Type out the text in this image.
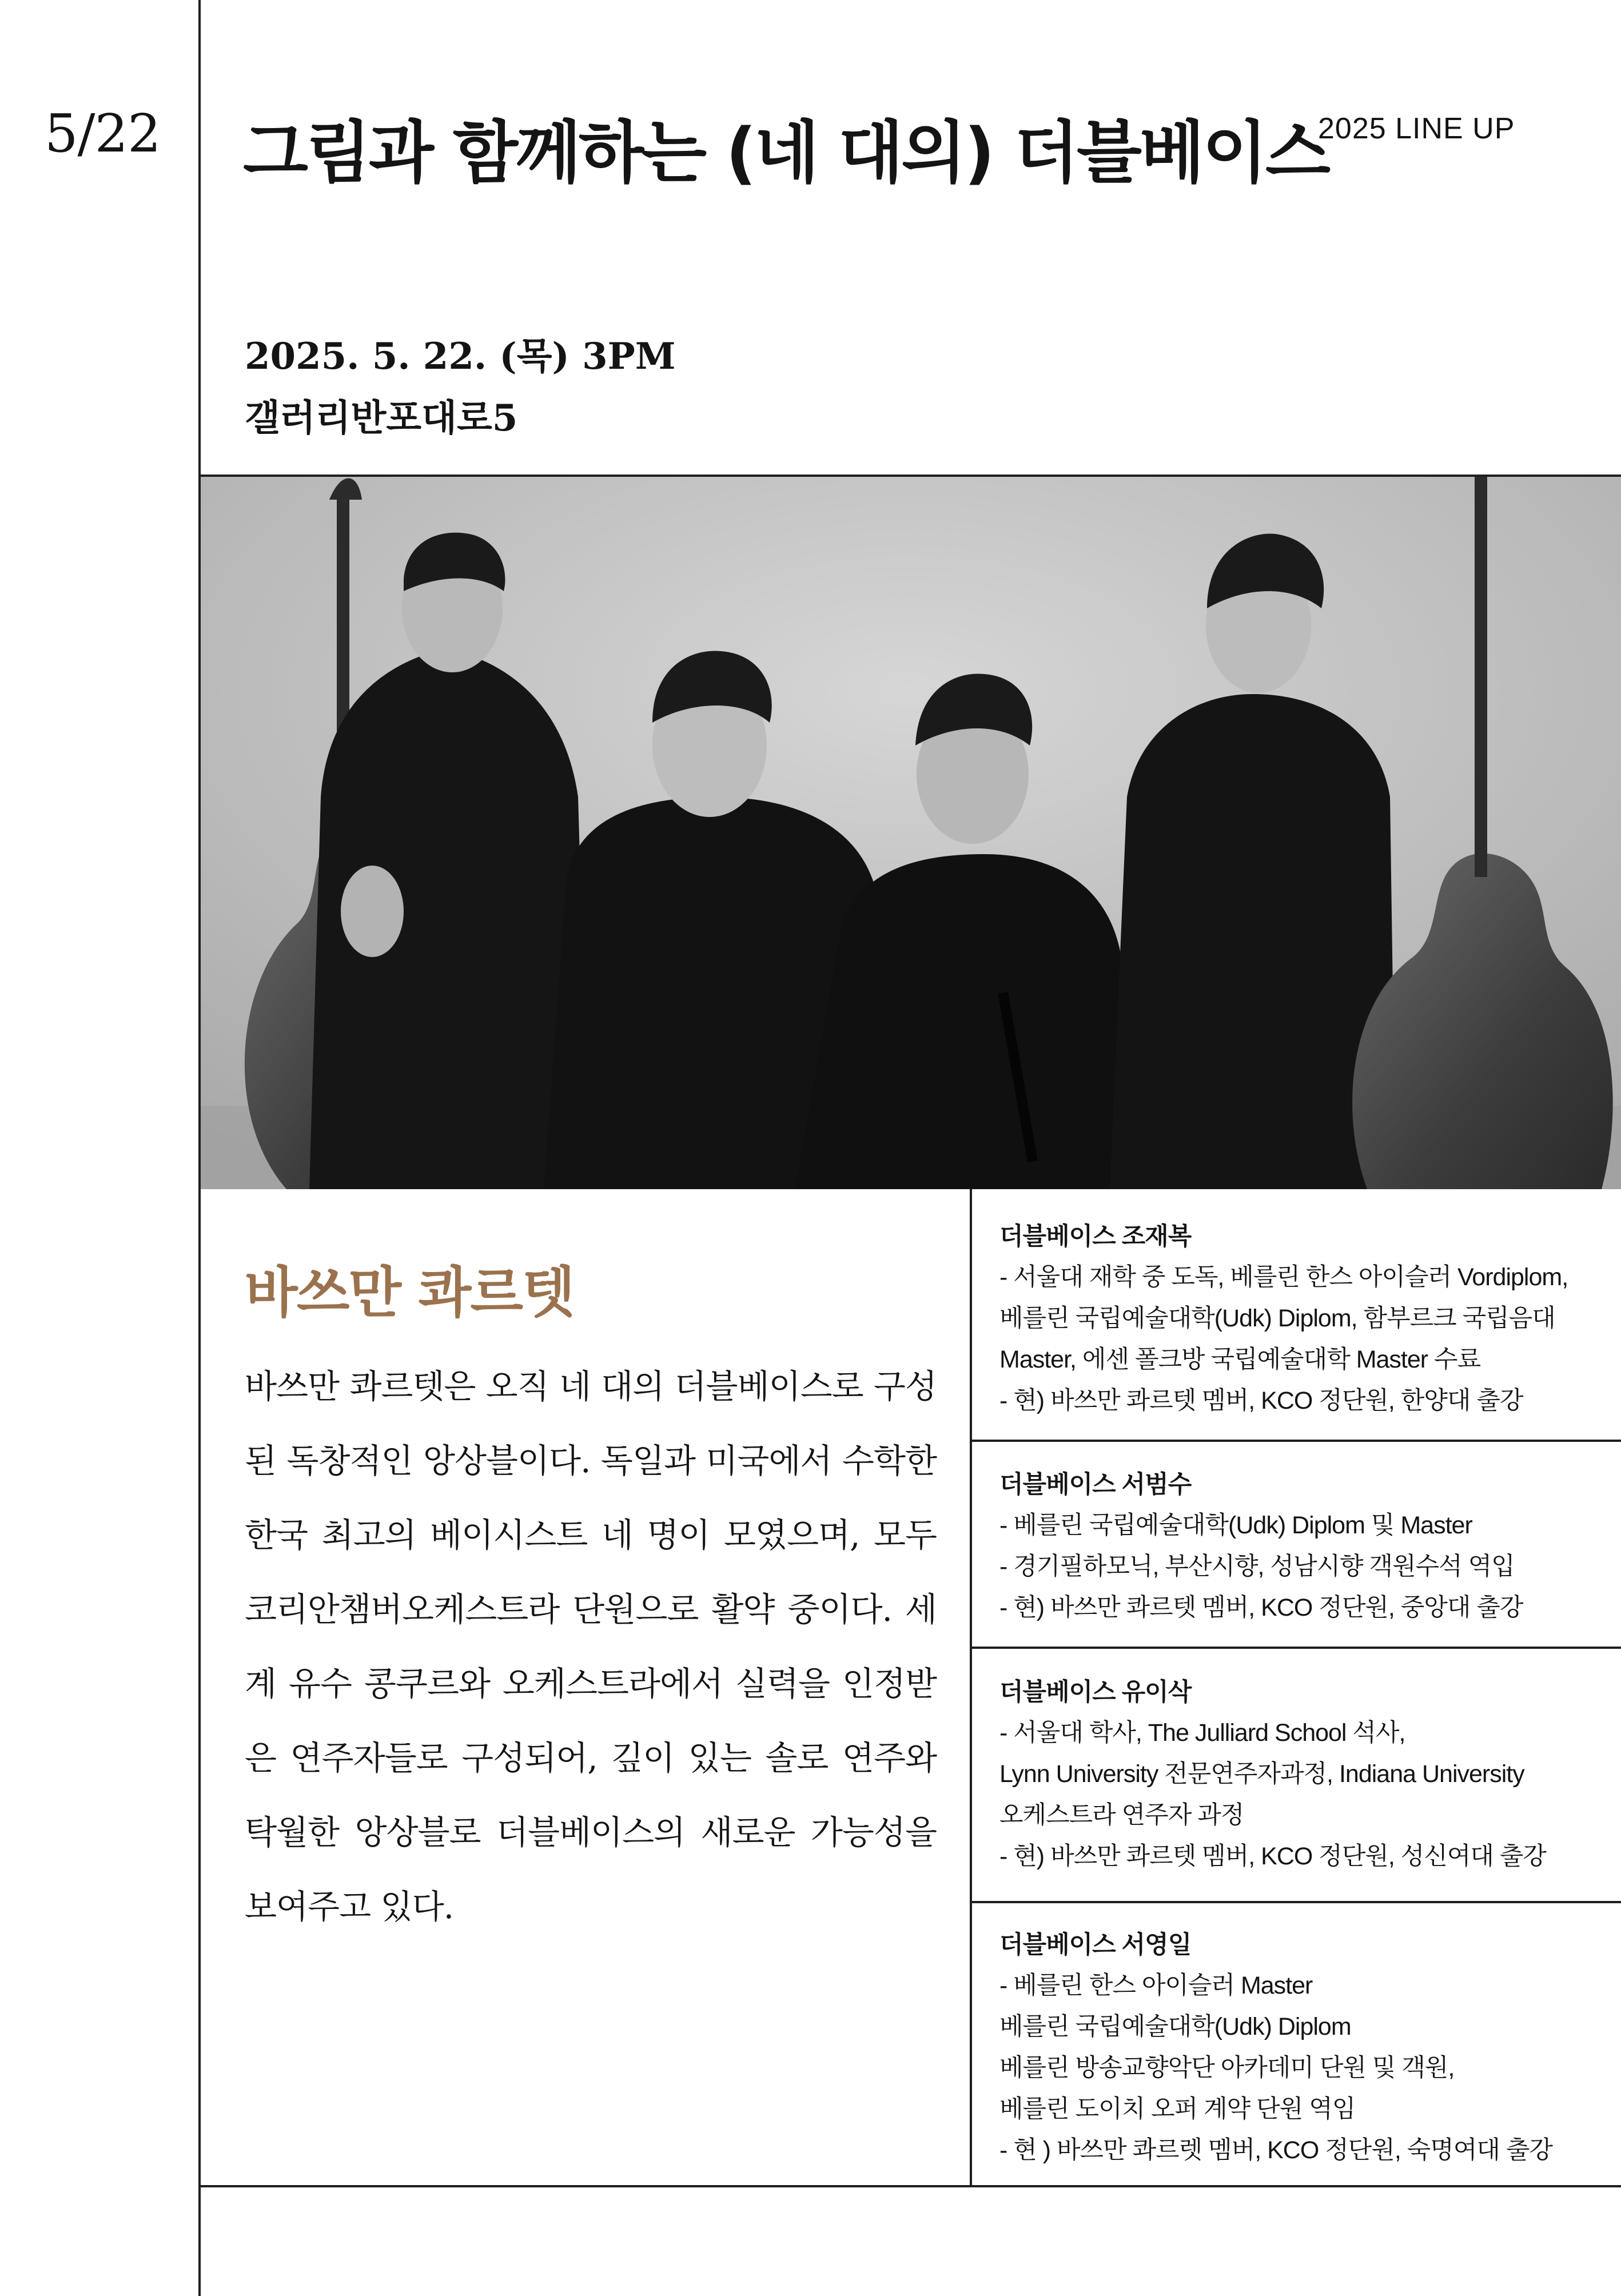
5/22 그림과 함께하는 (네 대의) 더블베이스
2025 LINE UP
2025. 5. 22. (목) 3PM
갤러리반포대로5
바쓰만 콰르텟
바쓰만 콰르텟은 오직 네 대의 더블베이스로 구성된 독창적인 앙상블이다. 독일과 미국에서 수학한 한국 최고의 베이시스트 네 명이 모였으며, 모두 코리안챔버오케스트라 단원으로 활약 중이다. 세계 유수 콩쿠르와 오케스트라에서 실력을 인정받은 연주자들로 구성되어, 깊이 있는 솔로 연주와 탁월한 앙상블로 더블베이스의 새로운 가능성을 보여주고 있다.
더블베이스 조재복
- 서울대 재학 중 도독, 베를린 한스 아이슬러 Vordiplom,
베를린 국립예술대학(Udk) Diplom, 함부르크 국립음대
Master, 에센 폴크방 국립예술대학 Master 수료
- 현) 바쓰만 콰르텟 멤버, KCO 정단원, 한양대 출강
더블베이스 서범수
- 베를린 국립예술대학(Udk) Diplom 및 Master
- 경기필하모닉, 부산시향, 성남시향 객원수석 역입
- 현) 바쓰만 콰르텟 멤버, KCO 정단원, 중앙대 출강
더블베이스 유이삭
- 서울대 학사, The Julliard School 석사,
Lynn University 전문연주자과정, Indiana University
오케스트라 연주자 과정
- 현) 바쓰만 콰르텟 멤버, KCO 정단원, 성신여대 출강
더블베이스 서영일
- 베를린 한스 아이슬러 Master
베를린 국립예술대학(Udk) Diplom
베를린 방송교향악단 아카데미 단원 및 객원,
베를린 도이치 오퍼 계약 단원 역임
- 현 ) 바쓰만 콰르렛 멤버, KCO 정단원, 숙명여대 출강
